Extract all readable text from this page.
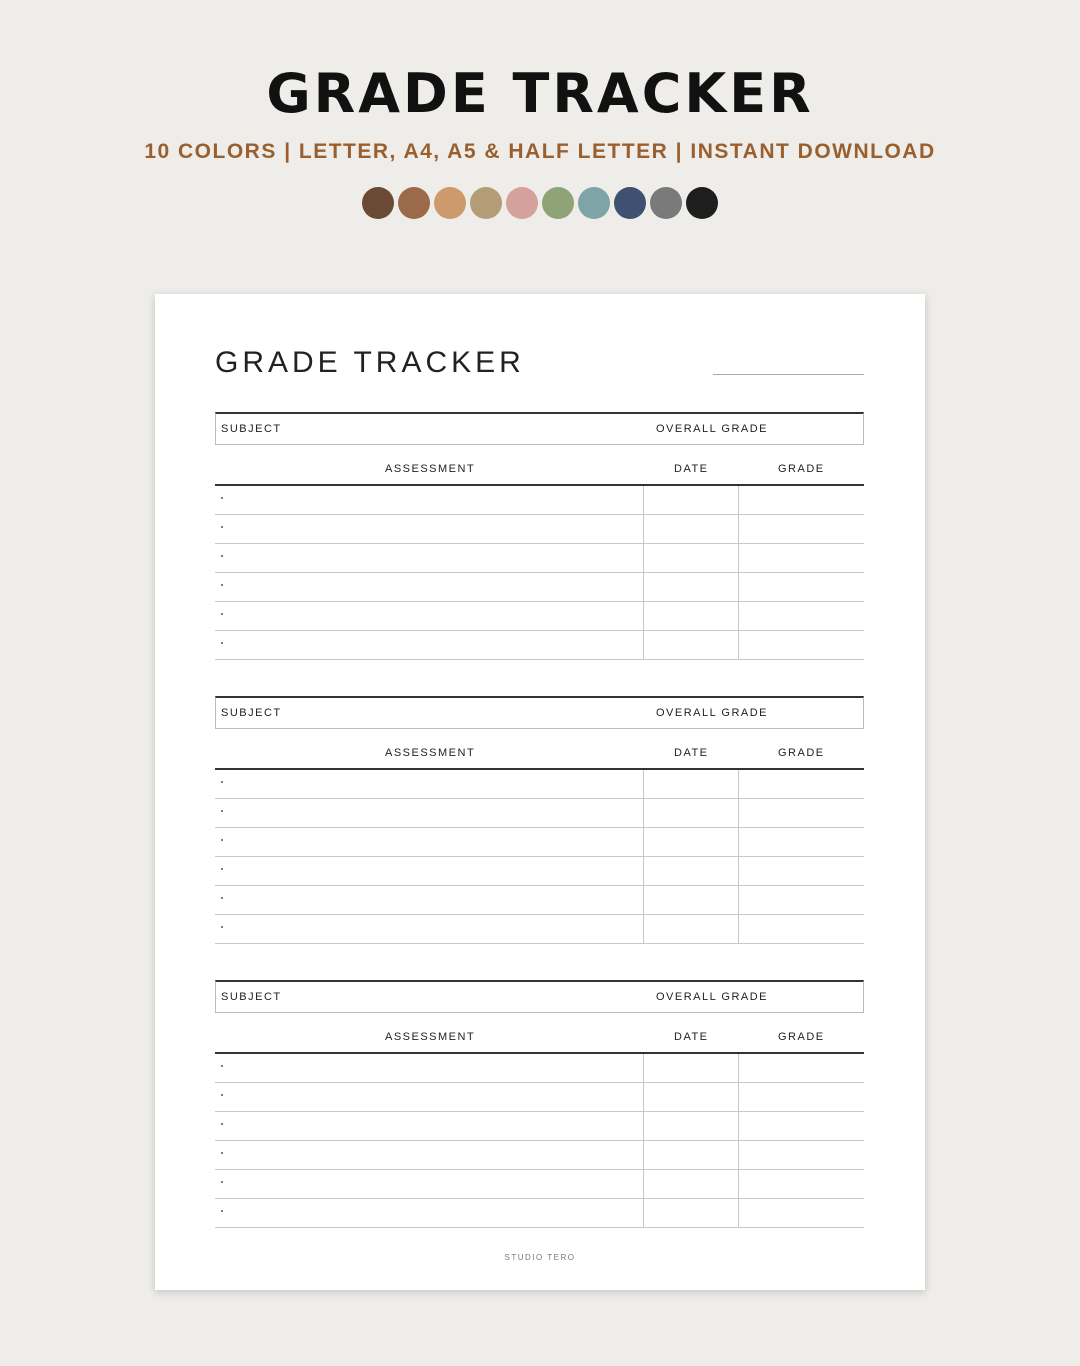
GRADE TRACKER
10 COLORS | LETTER, A4, A5 & HALF LETTER | INSTANT DOWNLOAD
GRADE TRACKER
SUBJECT	OVERALL GRADE
ASSESSMENT	DATE	GRADE
SUBJECT	OVERALL GRADE
ASSESSMENT	DATE	GRADE
SUBJECT	OVERALL GRADE
ASSESSMENT	DATE	GRADE
STUDIO TERO
